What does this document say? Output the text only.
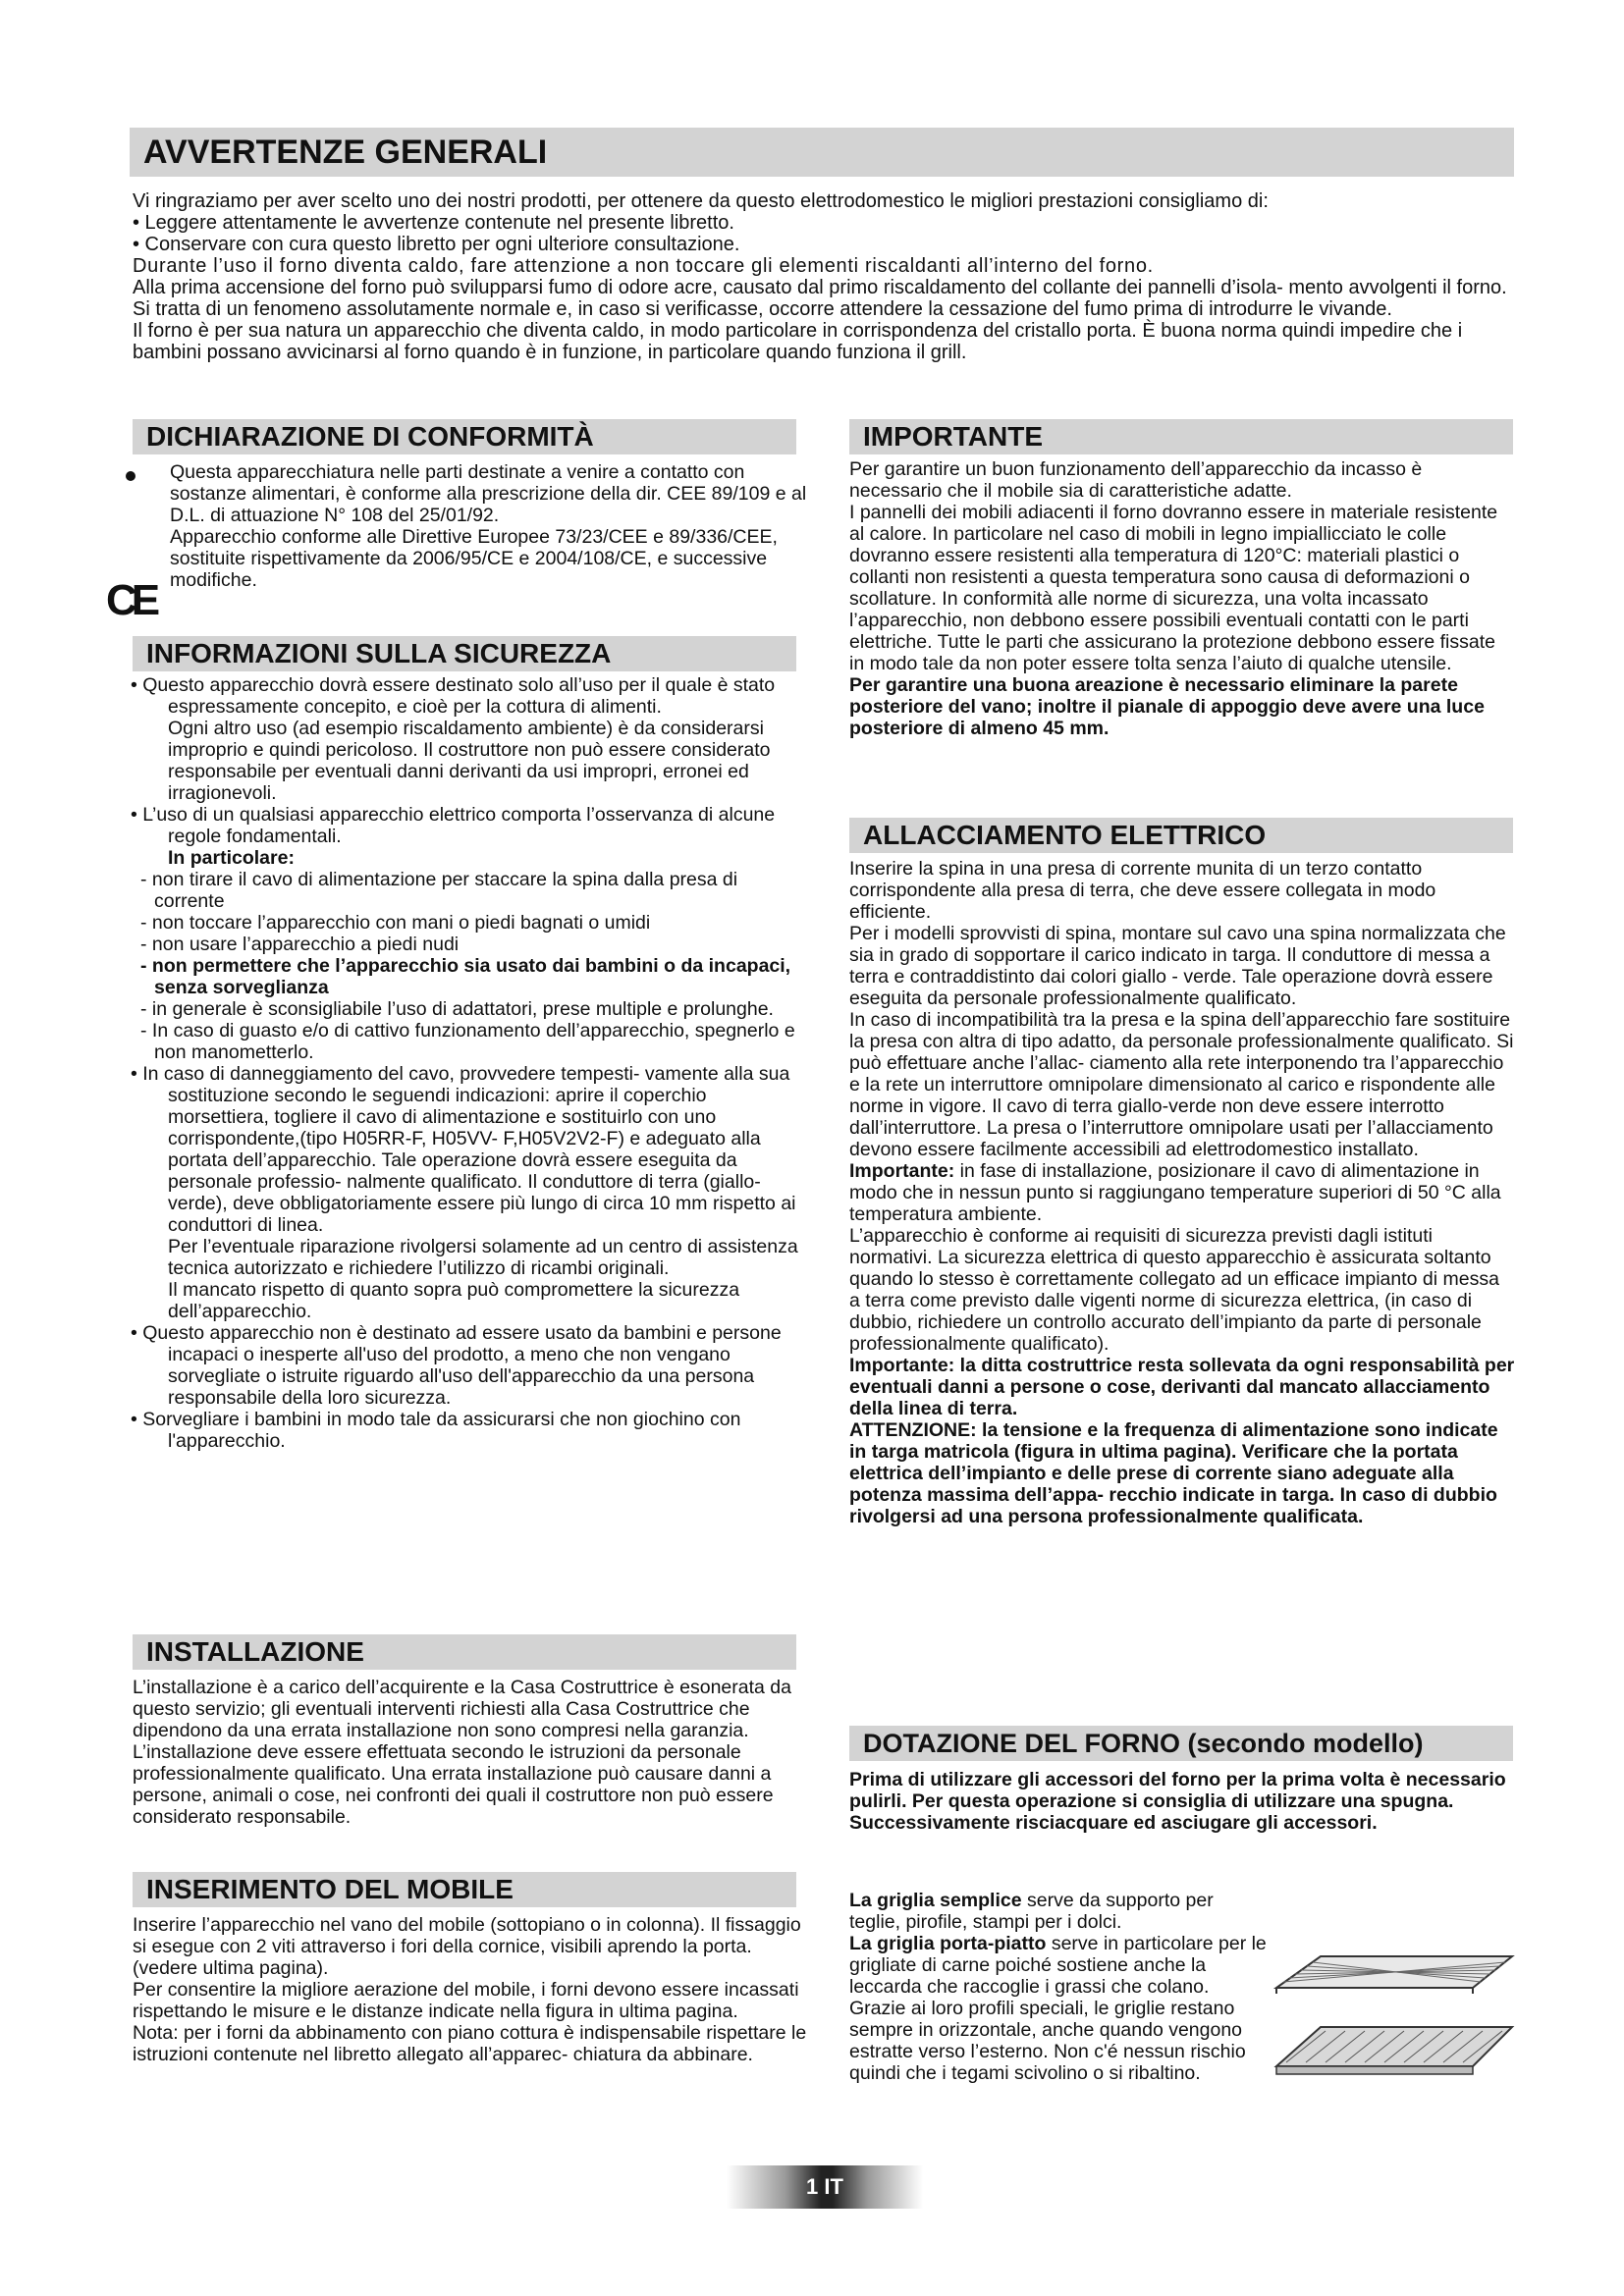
AVVERTENZE GENERALI

Vi ringraziamo per aver scelto uno dei nostri prodotti, per ottenere da questo elettrodomestico le migliori prestazioni consigliamo di:

• Leggere attentamente le avvertenze contenute nel presente libretto.

• Conservare con cura questo libretto per ogni ulteriore consultazione.

Durante l’uso il forno diventa caldo, fare attenzione a non toccare gli elementi riscaldanti all’interno del forno.

Alla prima accensione del forno può svilupparsi fumo di odore acre, causato dal primo riscaldamento del collante dei pannelli d’isola- mento avvolgenti il forno. Si tratta di un fenomeno assolutamente normale e, in caso si verificasse, occorre attendere la cessazione del fumo prima di introdurre le vivande.

Il forno è per sua natura un apparecchio che diventa caldo, in modo particolare in corrispondenza del cristallo porta. È buona norma quindi impedire che i bambini possano avvicinarsi al forno quando è in funzione, in particolare quando funziona il grill.

DICHIARAZIONE DI CONFORMITÀ

Questa apparecchiatura nelle parti destinate a venire a contatto con sostanze alimentari, è conforme alla prescrizione della dir. CEE 89/109 e al D.L. di attuazione N° 108 del 25/01/92.

Apparecchio conforme alle Direttive Europee 73/23/CEE e 89/336/CEE, sostituite rispettivamente da 2006/95/CE e 2004/108/CE, e successive modifiche.

CE
INFORMAZIONI SULLA SICUREZZA

• Questo apparecchio dovrà essere destinato solo all’uso per il quale è stato espressamente concepito, e cioè per la cottura di alimenti.

Ogni altro uso (ad esempio riscaldamento ambiente) è da considerarsi improprio e quindi pericoloso. Il costruttore non può essere considerato responsabile per eventuali danni derivanti da usi impropri, erronei ed irragionevoli.

• L’uso di un qualsiasi apparecchio elettrico comporta l’osservanza di alcune regole fondamentali.

In particolare:

- non tirare il cavo di alimentazione per staccare la spina dalla presa di corrente

- non toccare l’apparecchio con mani o piedi bagnati o umidi

- non usare l’apparecchio a piedi nudi

- non permettere che l’apparecchio sia usato dai bambini o da incapaci, senza sorveglianza

- in generale è sconsigliabile l’uso di adattatori, prese multiple e prolunghe.

- In caso di guasto e/o di cattivo funzionamento dell’apparecchio, spegnerlo e non manometterlo.

• In caso di danneggiamento del cavo, provvedere tempesti- vamente alla sua sostituzione secondo le seguendi indicazioni: aprire il coperchio morsettiera, togliere il cavo di alimentazione e sostituirlo con uno corrispondente,(tipo H05RR-F, H05VV- F,H05V2V2-F) e adeguato alla portata dell’apparecchio. Tale operazione dovrà essere eseguita da personale professio- nalmente qualificato. Il conduttore di terra (giallo-verde), deve obbligatoriamente essere più lungo di circa 10 mm rispetto ai conduttori di linea.

Per l’eventuale riparazione rivolgersi solamente ad un centro di assistenza tecnica autorizzato e richiedere l’utilizzo di ricambi originali.

Il mancato rispetto di quanto sopra può compromettere la sicurezza dell’apparecchio.

• Questo apparecchio non è destinato ad essere usato da bambini e persone incapaci o inesperte all'uso del prodotto, a meno che non vengano sorvegliate o istruite riguardo all'uso dell'apparecchio da una persona responsabile della loro sicurezza.

• Sorvegliare i bambini in modo tale da assicurarsi che non giochino con l'apparecchio.

INSTALLAZIONE

L’installazione è a carico dell’acquirente e la Casa Costruttrice è esonerata da questo servizio; gli eventuali interventi richiesti alla Casa Costruttrice che dipendono da una errata installazione non sono compresi nella garanzia.

L’installazione deve essere effettuata secondo le istruzioni da personale professionalmente qualificato. Una errata installazione può causare danni a persone, animali o cose, nei confronti dei quali il costruttore non può essere considerato responsabile.

INSERIMENTO DEL MOBILE

Inserire l’apparecchio nel vano del mobile (sottopiano o in colonna). Il fissaggio si esegue con 2 viti attraverso i fori della cornice, visibili aprendo la porta.(vedere ultima pagina).

Per consentire la migliore aerazione del mobile, i forni devono essere incassati rispettando le misure e le distanze indicate nella figura in ultima pagina.

Nota: per i forni da abbinamento con piano cottura è indispensabile rispettare le istruzioni contenute nel libretto allegato all’apparec- chiatura da abbinare.

IMPORTANTE

Per garantire un buon funzionamento dell’apparecchio da incasso è necessario che il mobile sia di caratteristiche adatte.

I pannelli dei mobili adiacenti il forno dovranno essere in materiale resistente al calore. In particolare nel caso di mobili in legno impiallicciato le colle dovranno essere resistenti alla temperatura di 120°C: materiali plastici o collanti non resistenti a questa temperatura sono causa di deformazioni o scollature. In conformità alle norme di sicurezza, una volta incassato l’apparecchio, non debbono essere possibili eventuali contatti con le parti elettriche. Tutte le parti che assicurano la protezione debbono essere fissate in modo tale da non poter essere tolta senza l’aiuto di qualche utensile.

Per garantire una buona areazione è necessario eliminare la parete posteriore del vano; inoltre il pianale di appoggio deve avere una luce posteriore di almeno 45 mm.

ALLACCIAMENTO ELETTRICO

Inserire la spina in una presa di corrente munita di un terzo contatto corrispondente alla presa di terra, che deve essere collegata in modo efficiente.

Per i modelli sprovvisti di spina, montare sul cavo una spina normalizzata che sia in grado di sopportare il carico indicato in targa. Il conduttore di messa a terra e contraddistinto dai colori giallo - verde. Tale operazione dovrà essere eseguita da personale professionalmente qualificato.

In caso di incompatibilità tra la presa e la spina dell’apparecchio fare sostituire la presa con altra di tipo adatto, da personale professionalmente qualificato. Si può effettuare anche l’allac- ciamento alla rete interponendo tra l’apparecchio e la rete un interruttore omnipolare dimensionato al carico e rispondente alle norme in vigore. Il cavo di terra giallo-verde non deve essere interrotto dall’interruttore. La presa o l’interruttore omnipolare usati per l’allacciamento devono essere facilmente accessibili ad elettrodomestico installato.

Importante: in fase di installazione, posizionare il cavo di alimentazione in modo che in nessun punto si raggiungano temperature superiori di 50 °C alla temperatura ambiente.

L’apparecchio è conforme ai requisiti di sicurezza previsti dagli istituti normativi. La sicurezza elettrica di questo apparecchio è assicurata soltanto quando lo stesso è correttamente collegato ad un efficace impianto di messa a terra come previsto dalle vigenti norme di sicurezza elettrica, (in caso di dubbio, richiedere un controllo accurato dell’impianto da parte di personale professionalmente qualificato).

Importante: la ditta costruttrice resta sollevata da ogni responsabilità per eventuali danni a persone o cose, derivanti dal mancato allacciamento della linea di terra.

ATTENZIONE: la tensione e la frequenza di alimentazione sono indicate in targa matricola (figura in ultima pagina). Verificare che la portata elettrica dell’impianto e delle prese di corrente siano adeguate alla potenza massima dell’appa- recchio indicate in targa. In caso di dubbio rivolgersi ad una persona professionalmente qualificata.

DOTAZIONE DEL FORNO (secondo modello)

Prima di utilizzare gli accessori del forno per la prima volta è necessario pulirli. Per questa operazione si consiglia di utilizzare una spugna. Successivamente risciacquare ed asciugare gli accessori.

La griglia semplice serve da supporto per teglie, pirofile, stampi per i dolci.

La griglia porta-piatto serve in particolare per le grigliate di carne poiché sostiene anche la leccarda che raccoglie i grassi che colano.

Grazie ai loro profili speciali, le griglie restano sempre in orizzontale, anche quando vengono estratte verso l’esterno. Non c'é nessun rischio quindi che i tegami scivolino o si ribaltino.

1 IT
